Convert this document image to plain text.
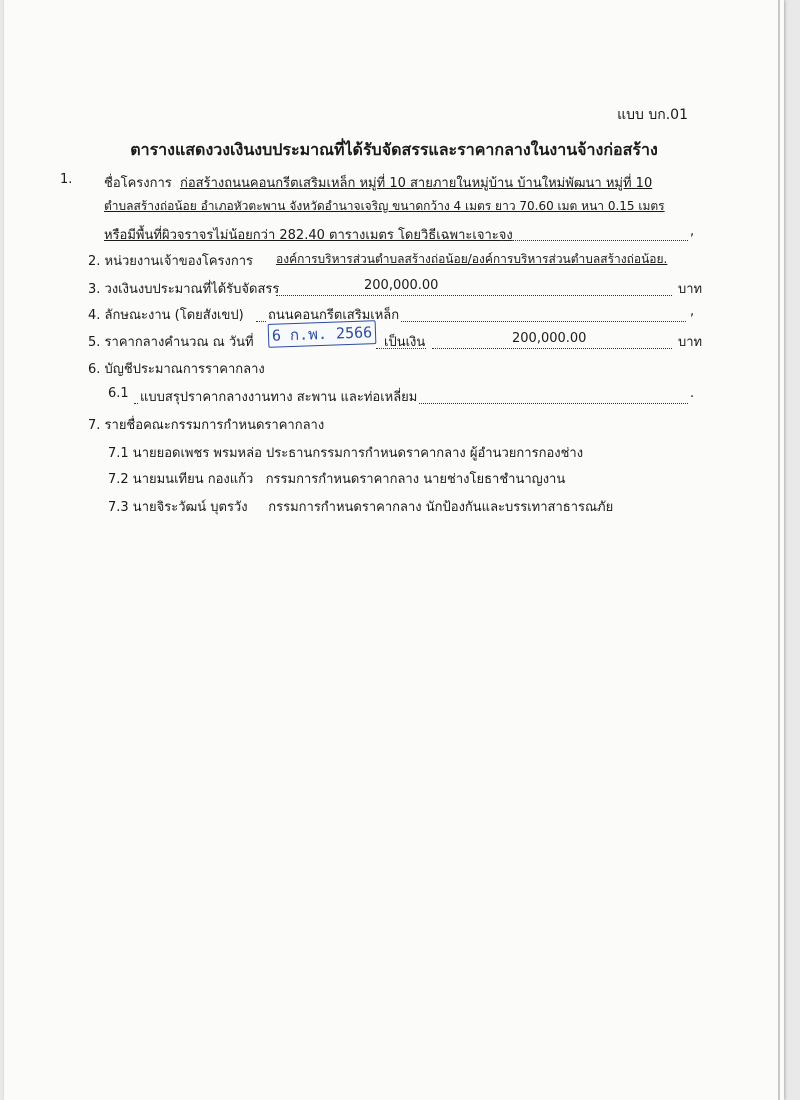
แบบ บก.01
ตารางแสดงวงเงินงบประมาณที่ได้รับจัดสรรและราคากลางในงานจ้างก่อสร้าง
1. ชื่อโครงการ ก่อสร้างถนนคอนกรีตเสริมเหล็ก หมู่ที่ 10 สายภายในหมู่บ้าน บ้านใหม่พัฒนา หมู่ที่ 10
ตำบลสร้างถ่อน้อย อำเภอหัวตะพาน จังหวัดอำนาจเจริญ ขนาดกว้าง 4 เมตร ยาว 70.60 เมต หนา 0.15 เมตร
หรือมีพื้นที่ผิวจราจรไม่น้อยกว่า 282.40 ตารางเมตร โดยวิธีเฉพาะเจาะจง	,
2. หน่วยงานเจ้าของโครงการ องค์การบริหารส่วนตำบลสร้างถ่อน้อย/องค์การบริหารส่วนตำบลสร้างถ่อน้อย.
3. วงเงินงบประมาณที่ได้รับจัดสรร	200,000.00	บาท
4. ลักษณะงาน (โดยสังเขป) ถนนคอนกรีตเสริมเหล็ก	,
5. ราคากลางคำนวณ ณ วันที่ 6 ก.พ. 2566 เป็นเงิน	200,000.00	บาท
6. บัญชีประมาณการราคากลาง
6.1 แบบสรุปราคากลางงานทาง สะพาน และท่อเหลี่ยม	.
7. รายชื่อคณะกรรมการกำหนดราคากลาง
7.1 นายยอดเพชร พรมหล่อ ประธานกรรมการกำหนดราคากลาง ผู้อำนวยการกองช่าง
7.2 นายมนเทียน กองแก้ว   กรรมการกำหนดราคากลาง นายช่างโยธาชำนาญงาน
7.3 นายจิระวัฒน์ บุตรวัง     กรรมการกำหนดราคากลาง นักป้องกันและบรรเทาสาธารณภัย
